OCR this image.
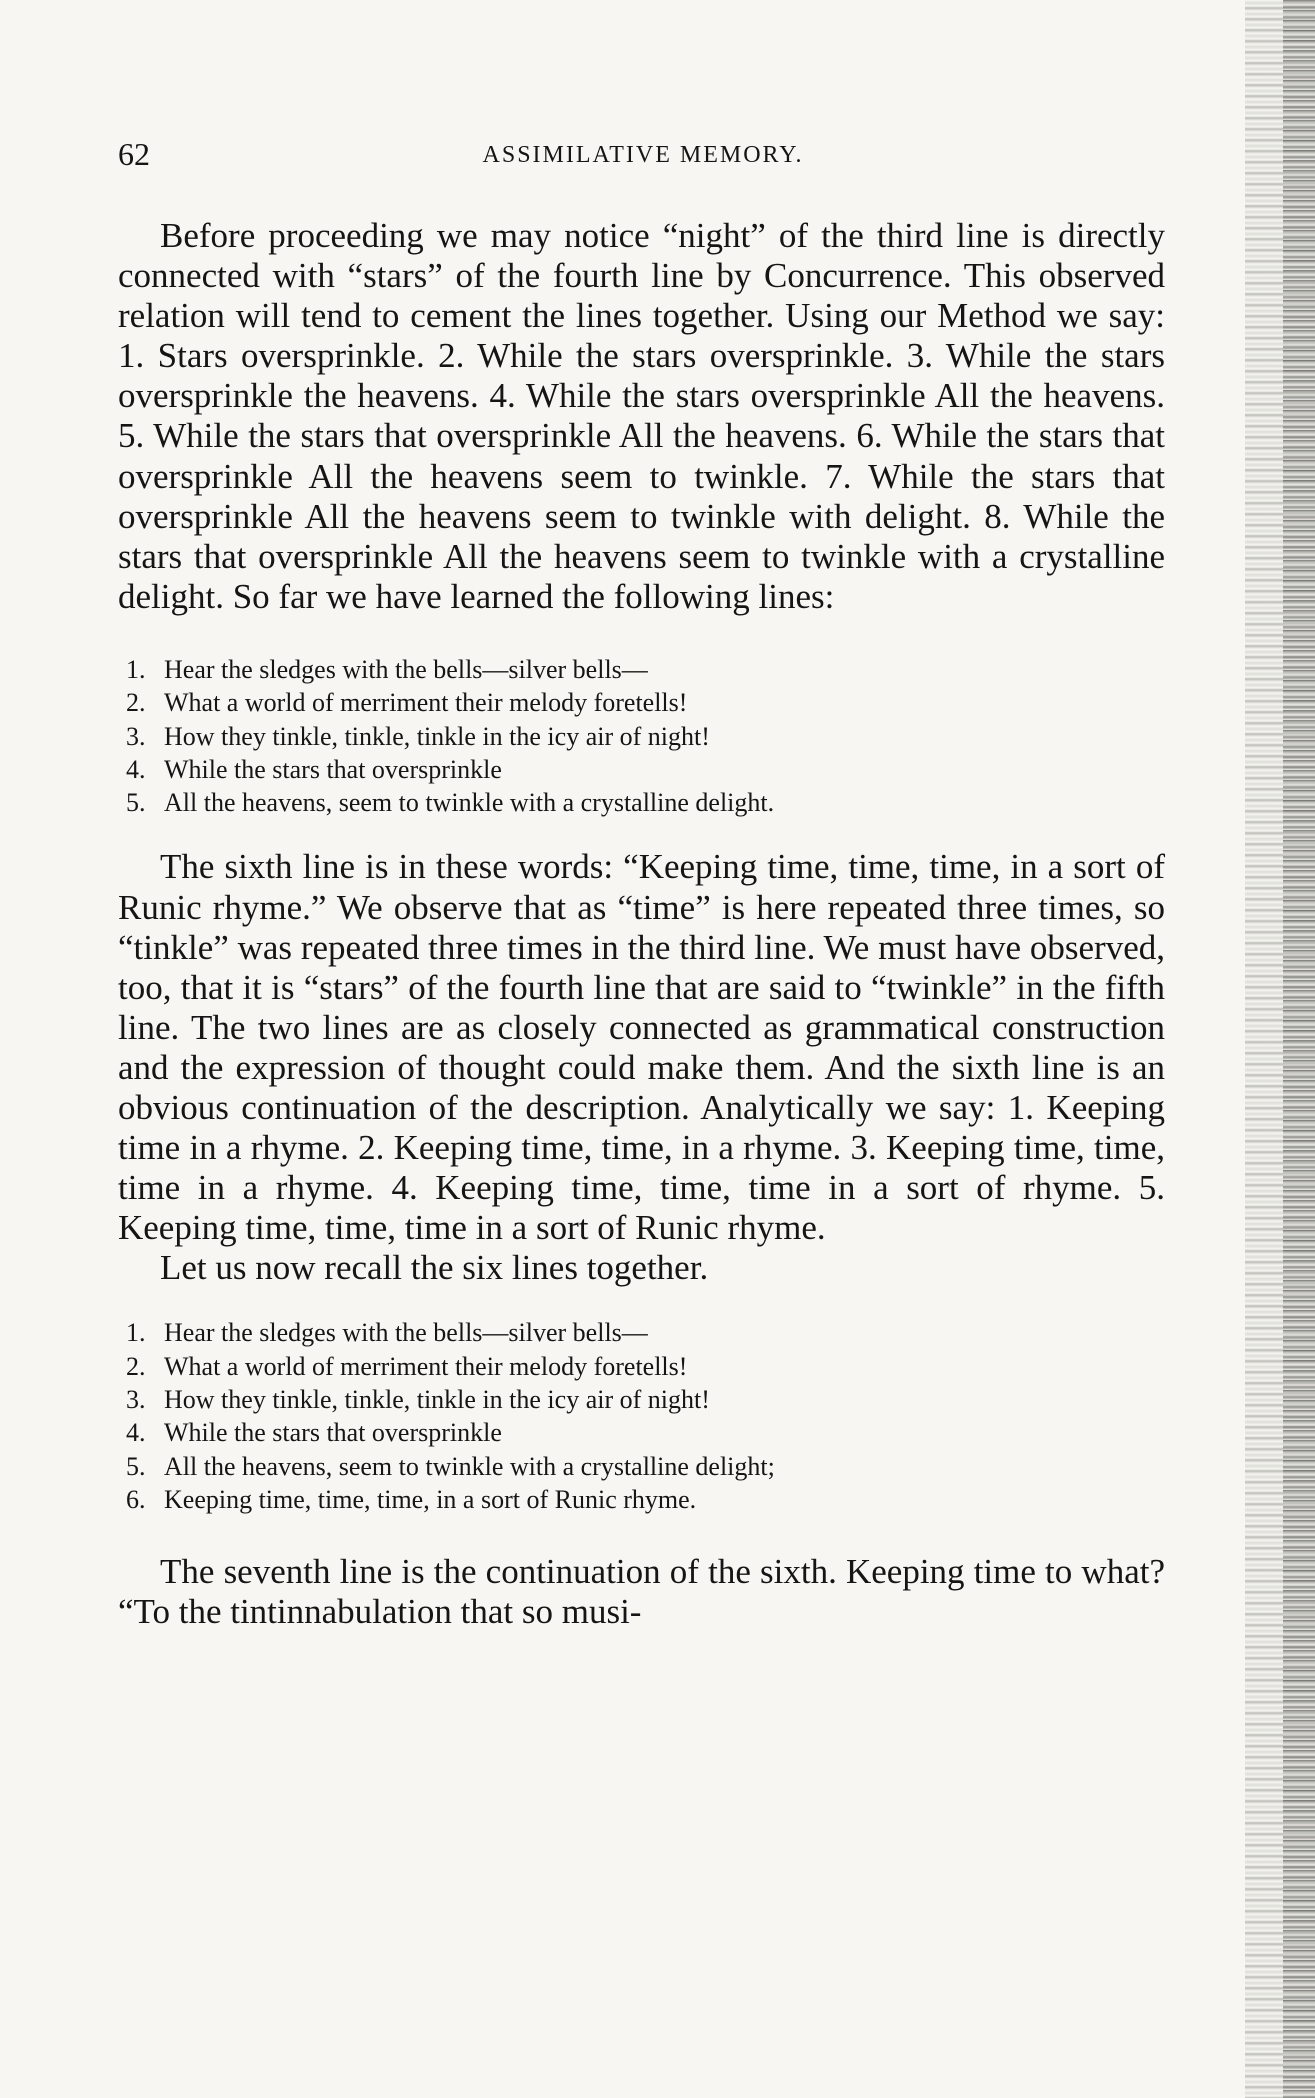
62	ASSIMILATIVE MEMORY.

Before proceeding we may notice “night” of the third line is directly connected with “stars” of the fourth line by Concurrence. This observed relation will tend to cement the lines together. Using our Method we say: 1. Stars oversprinkle. 2. While the stars oversprinkle. 3. While the stars oversprinkle the heavens. 4. While the stars oversprinkle All the heavens. 5. While the stars that oversprinkle All the heavens. 6. While the stars that oversprinkle All the heavens seem to twinkle. 7. While the stars that oversprinkle All the heavens seem to twinkle with delight. 8. While the stars that oversprinkle All the heavens seem to twinkle with a crystalline delight. So far we have learned the following lines:

1. Hear the sledges with the bells—silver bells—
2. What a world of merriment their melody foretells!
3. How they tinkle, tinkle, tinkle in the icy air of night!
4. While the stars that oversprinkle
5. All the heavens, seem to twinkle with a crystalline delight.

The sixth line is in these words: “Keeping time, time, time, in a sort of Runic rhyme.” We observe that as “time” is here repeated three times, so “tinkle” was repeated three times in the third line. We must have observed, too, that it is “stars” of the fourth line that are said to “twinkle” in the fifth line. The two lines are as closely connected as grammatical construction and the expression of thought could make them. And the sixth line is an obvious continuation of the description. Analytically we say: 1. Keeping time in a rhyme. 2. Keeping time, time, in a rhyme. 3. Keeping time, time, time in a rhyme. 4. Keeping time, time, time in a sort of rhyme. 5. Keeping time, time, time in a sort of Runic rhyme.

Let us now recall the six lines together.

1. Hear the sledges with the bells—silver bells—
2. What a world of merriment their melody foretells!
3. How they tinkle, tinkle, tinkle in the icy air of night!
4. While the stars that oversprinkle
5. All the heavens, seem to twinkle with a crystalline delight;
6. Keeping time, time, time, in a sort of Runic rhyme.

The seventh line is the continuation of the sixth. Keeping time to what? “To the tintinnabulation that so musi-
